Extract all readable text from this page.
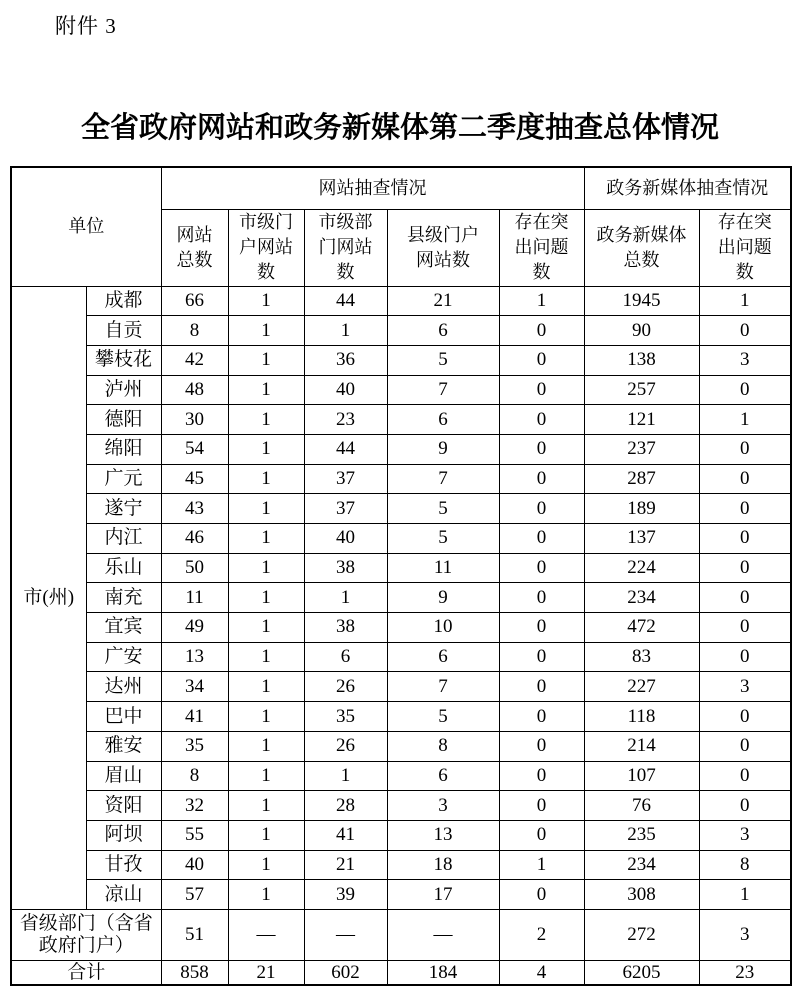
附件 3
全省政府网站和政务新媒体第二季度抽查总体情况
单位		网站抽查情况					政务新媒体抽查情况	
		网站总数	市级门户网站数	市级部门网站数	县级门户网站数	存在突出问题数	政务新媒体总数	存在突出问题数
市(州)	成都	66	1	44	21	1	1945	1
	自贡	8	1	1	6	0	90	0
	攀枝花	42	1	36	5	0	138	3
	泸州	48	1	40	7	0	257	0
	德阳	30	1	23	6	0	121	1
	绵阳	54	1	44	9	0	237	0
	广元	45	1	37	7	0	287	0
	遂宁	43	1	37	5	0	189	0
	内江	46	1	40	5	0	137	0
	乐山	50	1	38	11	0	224	0
	南充	11	1	1	9	0	234	0
	宜宾	49	1	38	10	0	472	0
	广安	13	1	6	6	0	83	0
	达州	34	1	26	7	0	227	3
	巴中	41	1	35	5	0	118	0
	雅安	35	1	26	8	0	214	0
	眉山	8	1	1	6	0	107	0
	资阳	32	1	28	3	0	76	0
	阿坝	55	1	41	13	0	235	3
	甘孜	40	1	21	18	1	234	8
	凉山	57	1	39	17	0	308	1
省级部门（含省政府门户）		51	—	—	—	2	272	3
合计		858	21	602	184	4	6205	23
